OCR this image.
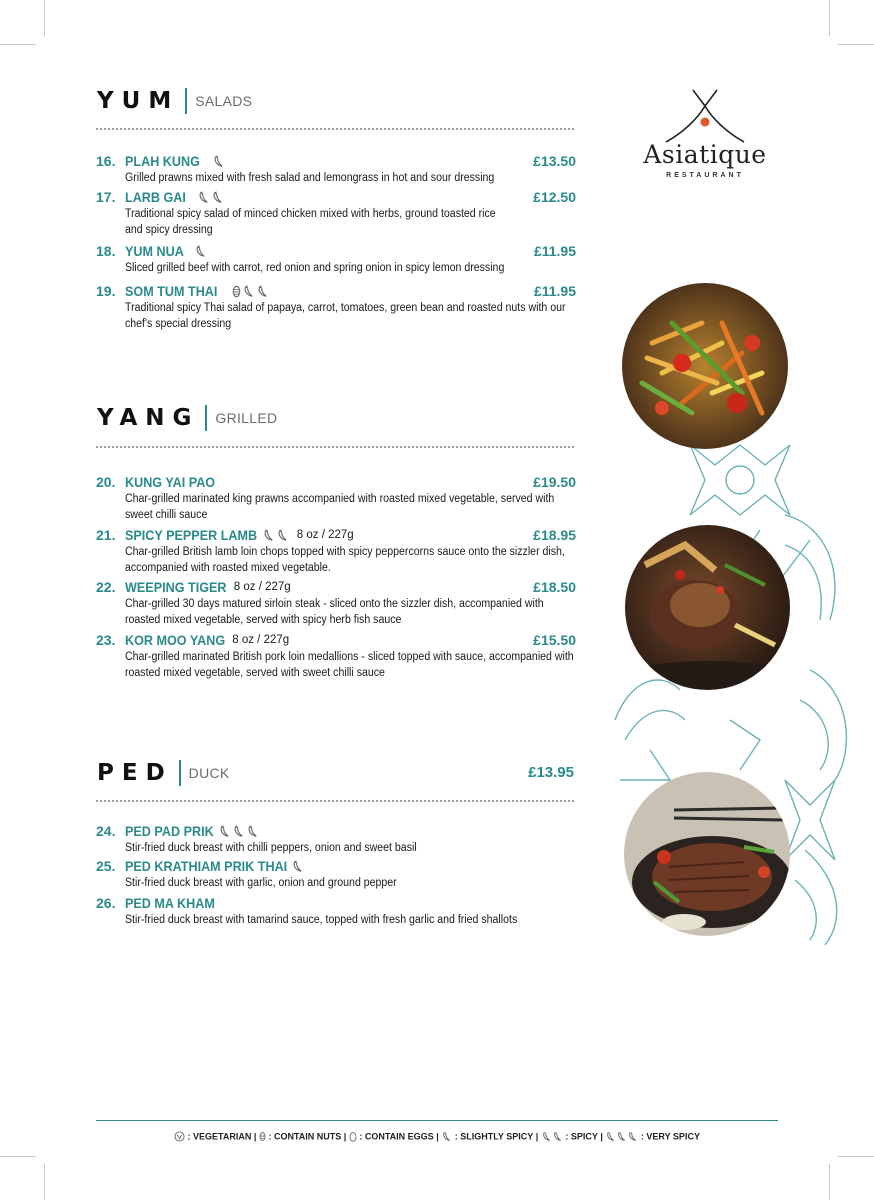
Asiatique
RESTAURANT
YUM SALADS
16. PLAH KUNG	£13.50
Grilled prawns mixed with fresh salad and lemongrass in hot and sour dressing
17. LARB GAI	£12.50
Traditional spicy salad of minced chicken mixed with herbs, ground toasted rice
and spicy dressing
18. YUM NUA	£11.95
Sliced grilled beef with carrot, red onion and spring onion in spicy lemon dressing
19. SOM TUM THAI	£11.95
Traditional spicy Thai salad of papaya, carrot, tomatoes, green bean and roasted nuts with our
chef's special dressing
YANG GRILLED
20. KUNG YAI PAO	£19.50
Char-grilled marinated king prawns accompanied with roasted mixed vegetable, served with
sweet chilli sauce
21. SPICY PEPPER LAMB	8 oz / 227g	£18.95
Char-grilled British lamb loin chops topped with spicy peppercorns sauce onto the sizzler dish,
accompanied with roasted mixed vegetable.
22. WEEPING TIGER 8 oz / 227g	£18.50
Char-grilled 30 days matured sirloin steak - sliced onto the sizzler dish, accompanied with
roasted mixed vegetable, served with spicy herb fish sauce
23. KOR MOO YANG 8 oz / 227g	£15.50
Char-grilled marinated British pork loin medallions - sliced topped with sauce, accompanied with
roasted mixed vegetable, served with sweet chilli sauce
PED DUCK	£13.95
24. PED PAD PRIK
Stir-fried duck breast with chilli peppers, onion and sweet basil
25. PED KRATHIAM PRIK THAI
Stir-fried duck breast with garlic, onion and ground pepper
26. PED MA KHAM
Stir-fried duck breast with tamarind sauce, topped with fresh garlic and fried shallots
: VEGETARIAN |  : CONTAIN NUTS |  : CONTAIN EGGS |  : SLIGHTLY SPICY |	: SPICY |	: VERY SPICY
